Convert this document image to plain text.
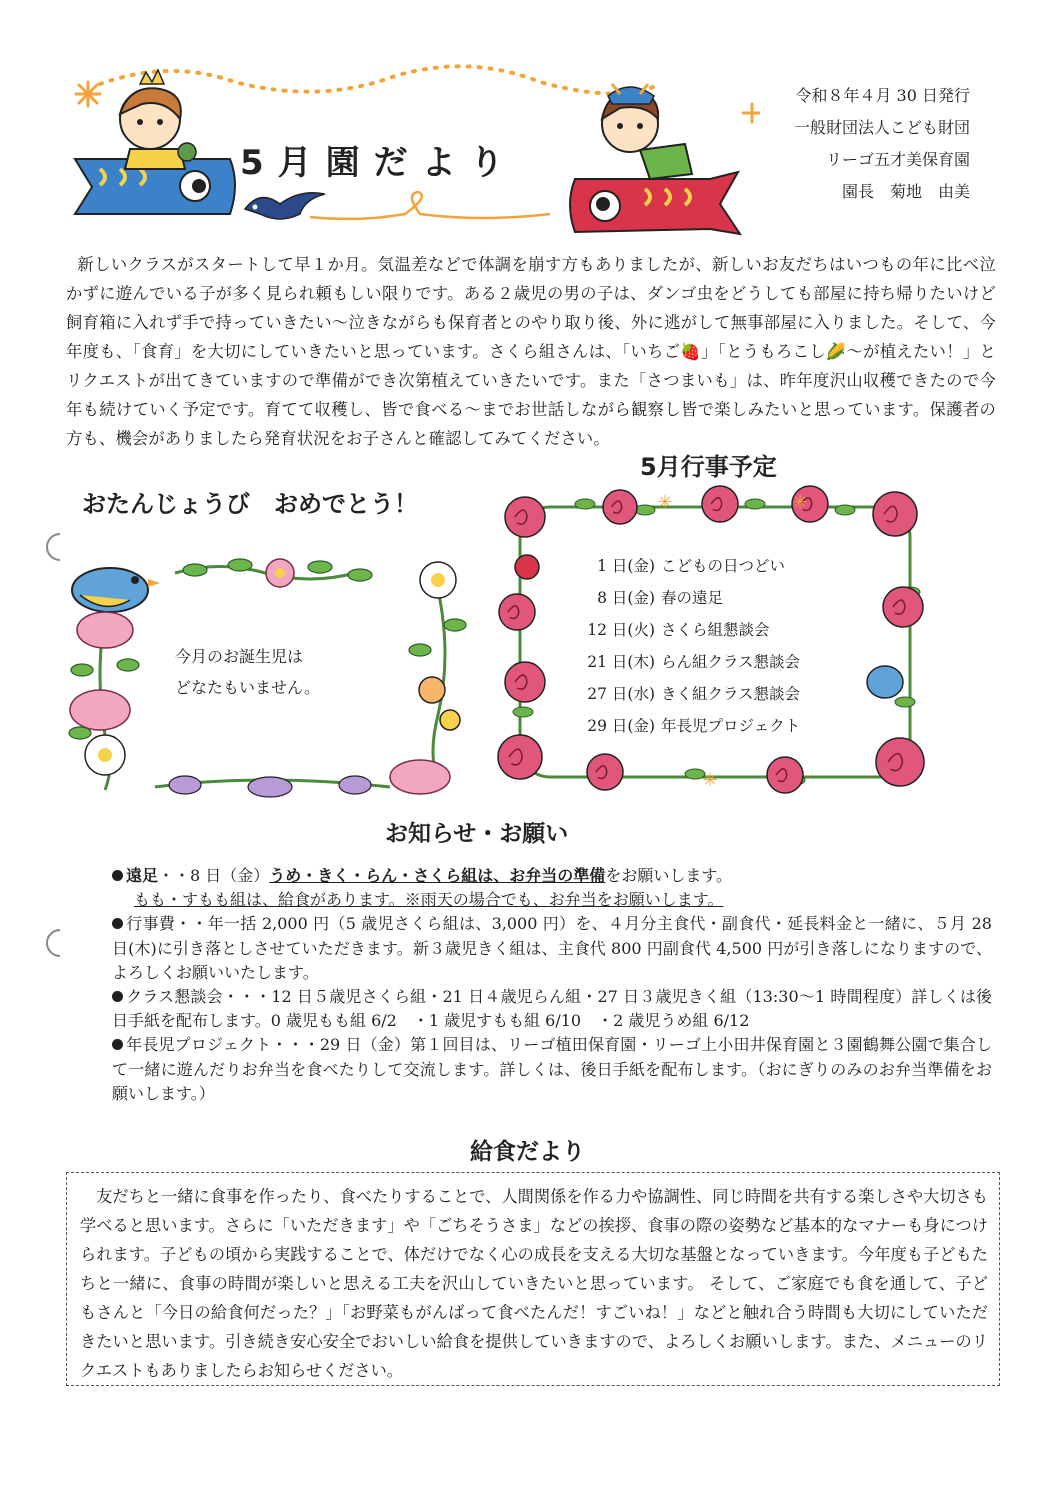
5月園だより
令和８年４月 30 日発行
一般財団法人こども財団
リーゴ五才美保育園
園長　菊地　由美

新しいクラスがスタートして早１か月。気温差などで体調を崩す方もありましたが、新しいお友だちはいつもの年に比べ泣かずに遊んでいる子が多く見られ頼もしい限りです。ある２歳児の男の子は、ダンゴ虫をどうしても部屋に持ち帰りたいけど飼育箱に入れず手で持っていきたい～泣きながらも保育者とのやり取り後、外に逃がして無事部屋に入りました。そして、今年度も、「食育」を大切にしていきたいと思っています。さくら組さんは、「いちご🍓」「とうもろこし🌽～が植えたい！」とリクエストが出てきていますので準備ができ次第植えていきたいです。また「さつまいも」は、昨年度沢山収穫できたので今年も続けていく予定です。育てて収穫し、皆で食べる～までお世話しながら観察し皆で楽しみたいと思っています。保護者の方も、機会がありましたら発育状況をお子さんと確認してみてください。

おたんじょうび　おめでとう！
今月のお誕生児は
どなたもいません。
5月行事予定
✳	✳
✳
1 日(金) こどもの日つどい
8 日(金) 春の遠足
12 日(火) さくら組懇談会
21 日(木) らん組クラス懇談会
27 日(水) きく組クラス懇談会
29 日(金) 年長児プロジェクト
お知らせ・お願い

遠足・・8 日（金）うめ・きく・らん・さくら組は、お弁当の準備をお願いします。
もも・すもも組は、給食があります。※雨天の場合でも、お弁当をお願いします。

行事費・・年一括 2,000 円（5 歳児さくら組は、3,000 円）を、４月分主食代・副食代・延長料金と一緒に、５月 28 日(木)に引き落としさせていただきます。新３歳児きく組は、主食代 800 円副食代 4,500 円が引き落しになりますので、よろしくお願いいたします。

クラス懇談会・・・12 日５歳児さくら組・21 日４歳児らん組・27 日３歳児きく組（13:30～1 時間程度）詳しくは後日手紙を配布します。0 歳児もも組 6/2　・1 歳児すもも組 6/10　・2 歳児うめ組 6/12

年長児プロジェクト・・・29 日（金）第１回目は、リーゴ植田保育園・リーゴ上小田井保育園と３園鶴舞公園で集合して一緒に遊んだりお弁当を食べたりして交流します。詳しくは、後日手紙を配布します。（おにぎりのみのお弁当準備をお願いします。）

給食だより

友だちと一緒に食事を作ったり、食べたりすることで、人間関係を作る力や協調性、同じ時間を共有する楽しさや大切さも学べると思います。さらに「いただきます」や「ごちそうさま」などの挨拶、食事の際の姿勢など基本的なマナーも身につけられます。子どもの頃から実践することで、体だけでなく心の成長を支える大切な基盤となっていきます。今年度も子どもたちと一緒に、食事の時間が楽しいと思える工夫を沢山していきたいと思っています。 そして、ご家庭でも食を通して、子どもさんと「今日の給食何だった？」「お野菜もがんばって食べたんだ！すごいね！」などと触れ合う時間も大切にしていただきたいと思います。引き続き安心安全でおいしい給食を提供していきますので、よろしくお願いします。また、メニューのリクエストもありましたらお知らせください。
